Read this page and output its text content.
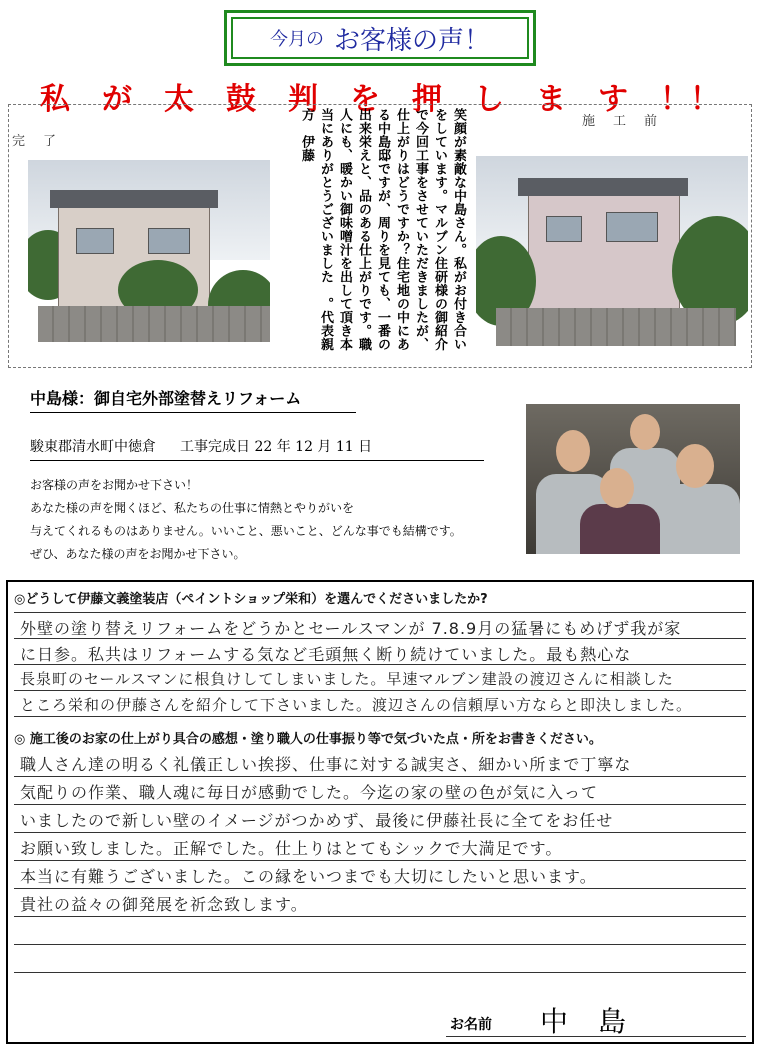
今月の お客様の声！
私 が 太 鼓 判 を 押 し ま す ！！
完了
施工前
笑顔が素敵な中島さん。私がお付き合いをしています。マルブン住研様の御紹介で今回工事をさせていただきましたが、仕上がりはどうですか？住宅地の中にある中島邸ですが、周りを見ても、一番の出来栄えと、品のある仕上がりです。職人にも、暖かい御味噌汁を出して頂き本当にありがとうございました　。代表親方　伊藤
中島様：御自宅外部塗替えリフォーム
駿東郡清水町中徳倉 工事完成日 22 年 12 月 11 日
お客様の声をお聞かせ下さい！
あなた様の声を聞くほど、私たちの仕事に情熱とやりがいを
与えてくれるものはありません。いいこと、悪いこと、どんな事でも結構です。
ぜひ、あなた様の声をお聞かせ下さい。
◎どうして伊藤文義塗装店（ペイントショップ栄和）を選んでくださいましたか?
外壁の塗り替えリフォームをどうかとセールスマンが 7.8.9月の猛暑にもめげず我が家
に日参。私共はリフォームする気など毛頭無く断り続けていました。最も熱心な
長泉町のセールスマンに根負けしてしまいました。早速マルブン建設の渡辺さんに相談した
ところ栄和の伊藤さんを紹介して下さいました。渡辺さんの信頼厚い方ならと即決しました。
◎ 施工後のお家の仕上がり具合の感想・塗り職人の仕事振り等で気づいた点・所をお書きください。
職人さん達の明るく礼儀正しい挨拶、仕事に対する誠実さ、細かい所まで丁寧な
気配りの作業、職人魂に毎日が感動でした。今迄の家の壁の色が気に入って
いましたので新しい壁のイメージがつかめず、最後に伊藤社長に全てをお任せ
お願い致しました。正解でした。仕上りはとてもシックで大満足です。
本当に有難うございました。この縁をいつまでも大切にしたいと思います。
貴社の益々の御発展を祈念致します。
お名前 中島
